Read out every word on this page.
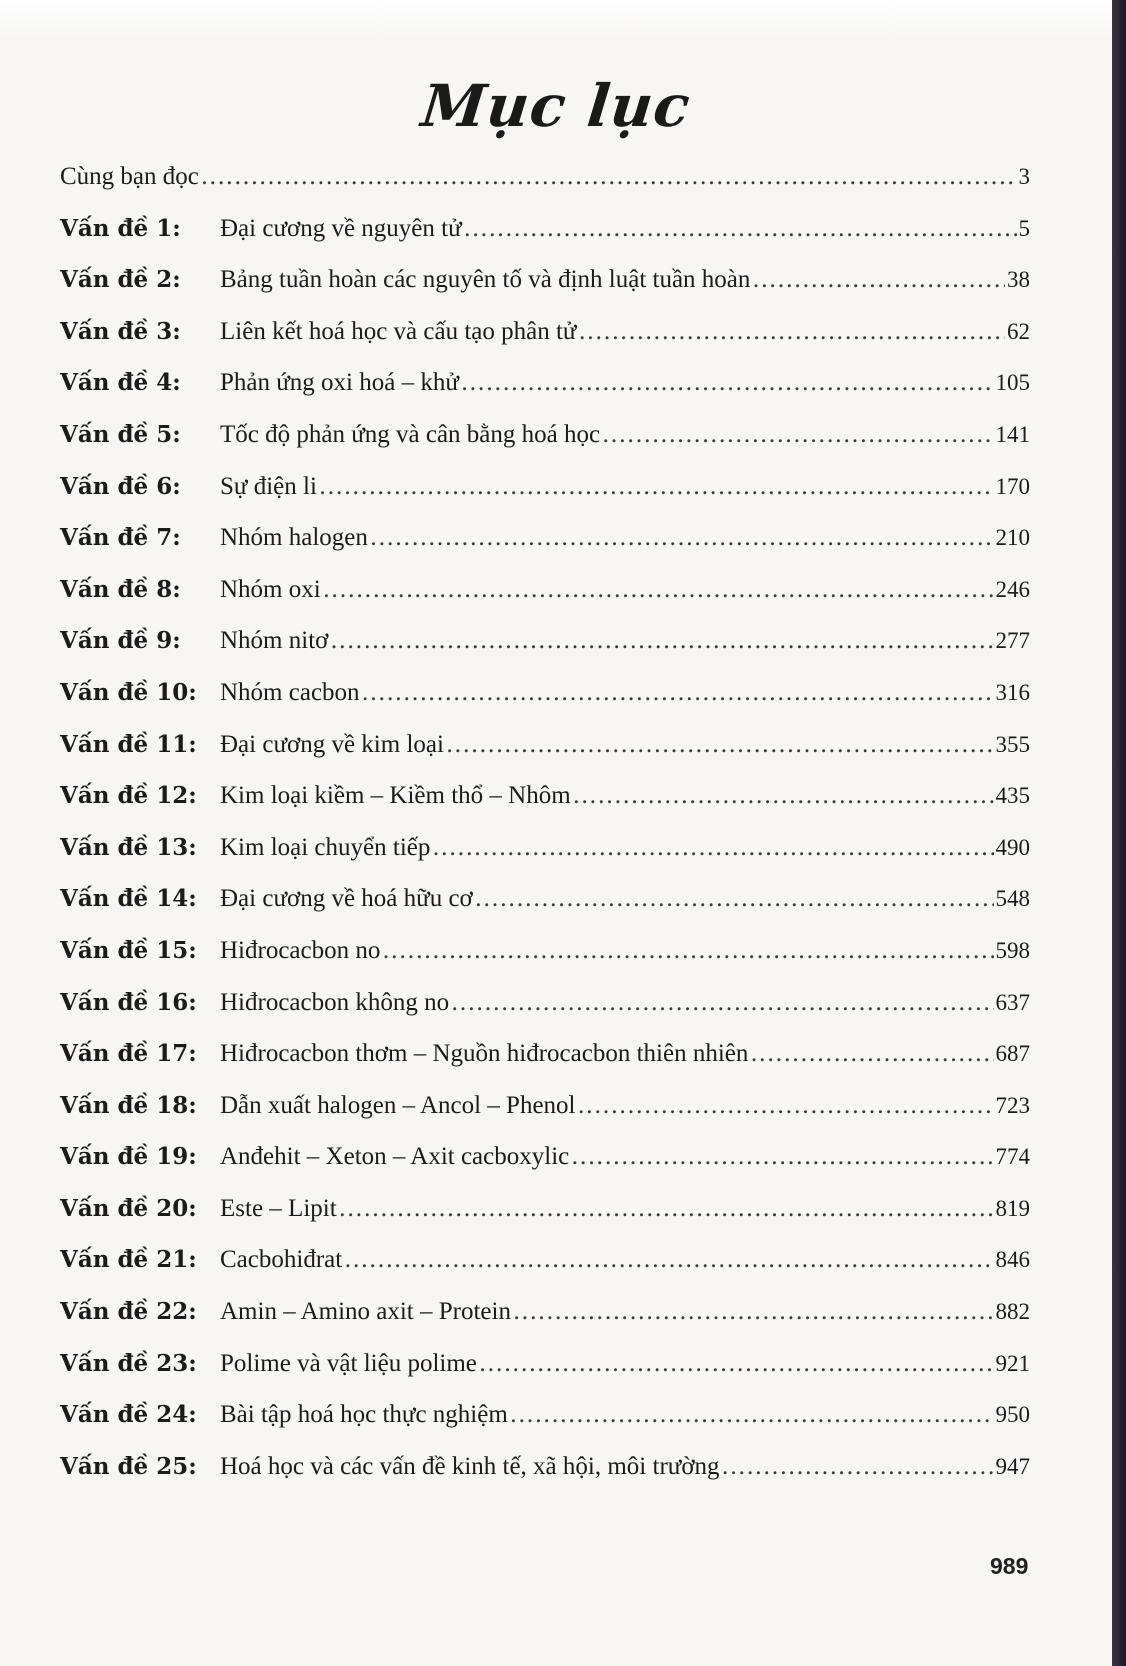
Mục lục
Cùng bạn đọc .....	3
Vấn đề 1:	Đại cương về nguyên tử .....	5
Vấn đề 2:	Bảng tuần hoàn các nguyên tố và định luật tuần hoàn .....	38
Vấn đề 3:	Liên kết hoá học và cấu tạo phân tử .....	62
Vấn đề 4:	Phản ứng oxi hoá – khử .....	105
Vấn đề 5:	Tốc độ phản ứng và cân bằng hoá học .....	141
Vấn đề 6:	Sự điện li .....	170
Vấn đề 7:	Nhóm halogen .....	210
Vấn đề 8:	Nhóm oxi .....	246
Vấn đề 9:	Nhóm nitơ .....	277
Vấn đề 10: Nhóm cacbon .....	316
Vấn đề 11: Đại cương về kim loại .....	355
Vấn đề 12: Kim loại kiềm – Kiềm thổ – Nhôm .....	435
Vấn đề 13: Kim loại chuyển tiếp .....	490
Vấn đề 14: Đại cương về hoá hữu cơ .....	548
Vấn đề 15: Hiđrocacbon no .....	598
Vấn đề 16: Hiđrocacbon không no .....	637
Vấn đề 17: Hiđrocacbon thơm – Nguồn hiđrocacbon thiên nhiên .....	687
Vấn đề 18: Dẫn xuất halogen – Ancol – Phenol .....	723
Vấn đề 19: Anđehit – Xeton – Axit cacboxylic .....	774
Vấn đề 20: Este – Lipit .....	819
Vấn đề 21: Cacbohiđrat .....	846
Vấn đề 22: Amin – Amino axit – Protein .....	882
Vấn đề 23: Polime và vật liệu polime .....	921
Vấn đề 24: Bài tập hoá học thực nghiệm .....	950
Vấn đề 25: Hoá học và các vấn đề kinh tế, xã hội, môi trường .....	947
989
